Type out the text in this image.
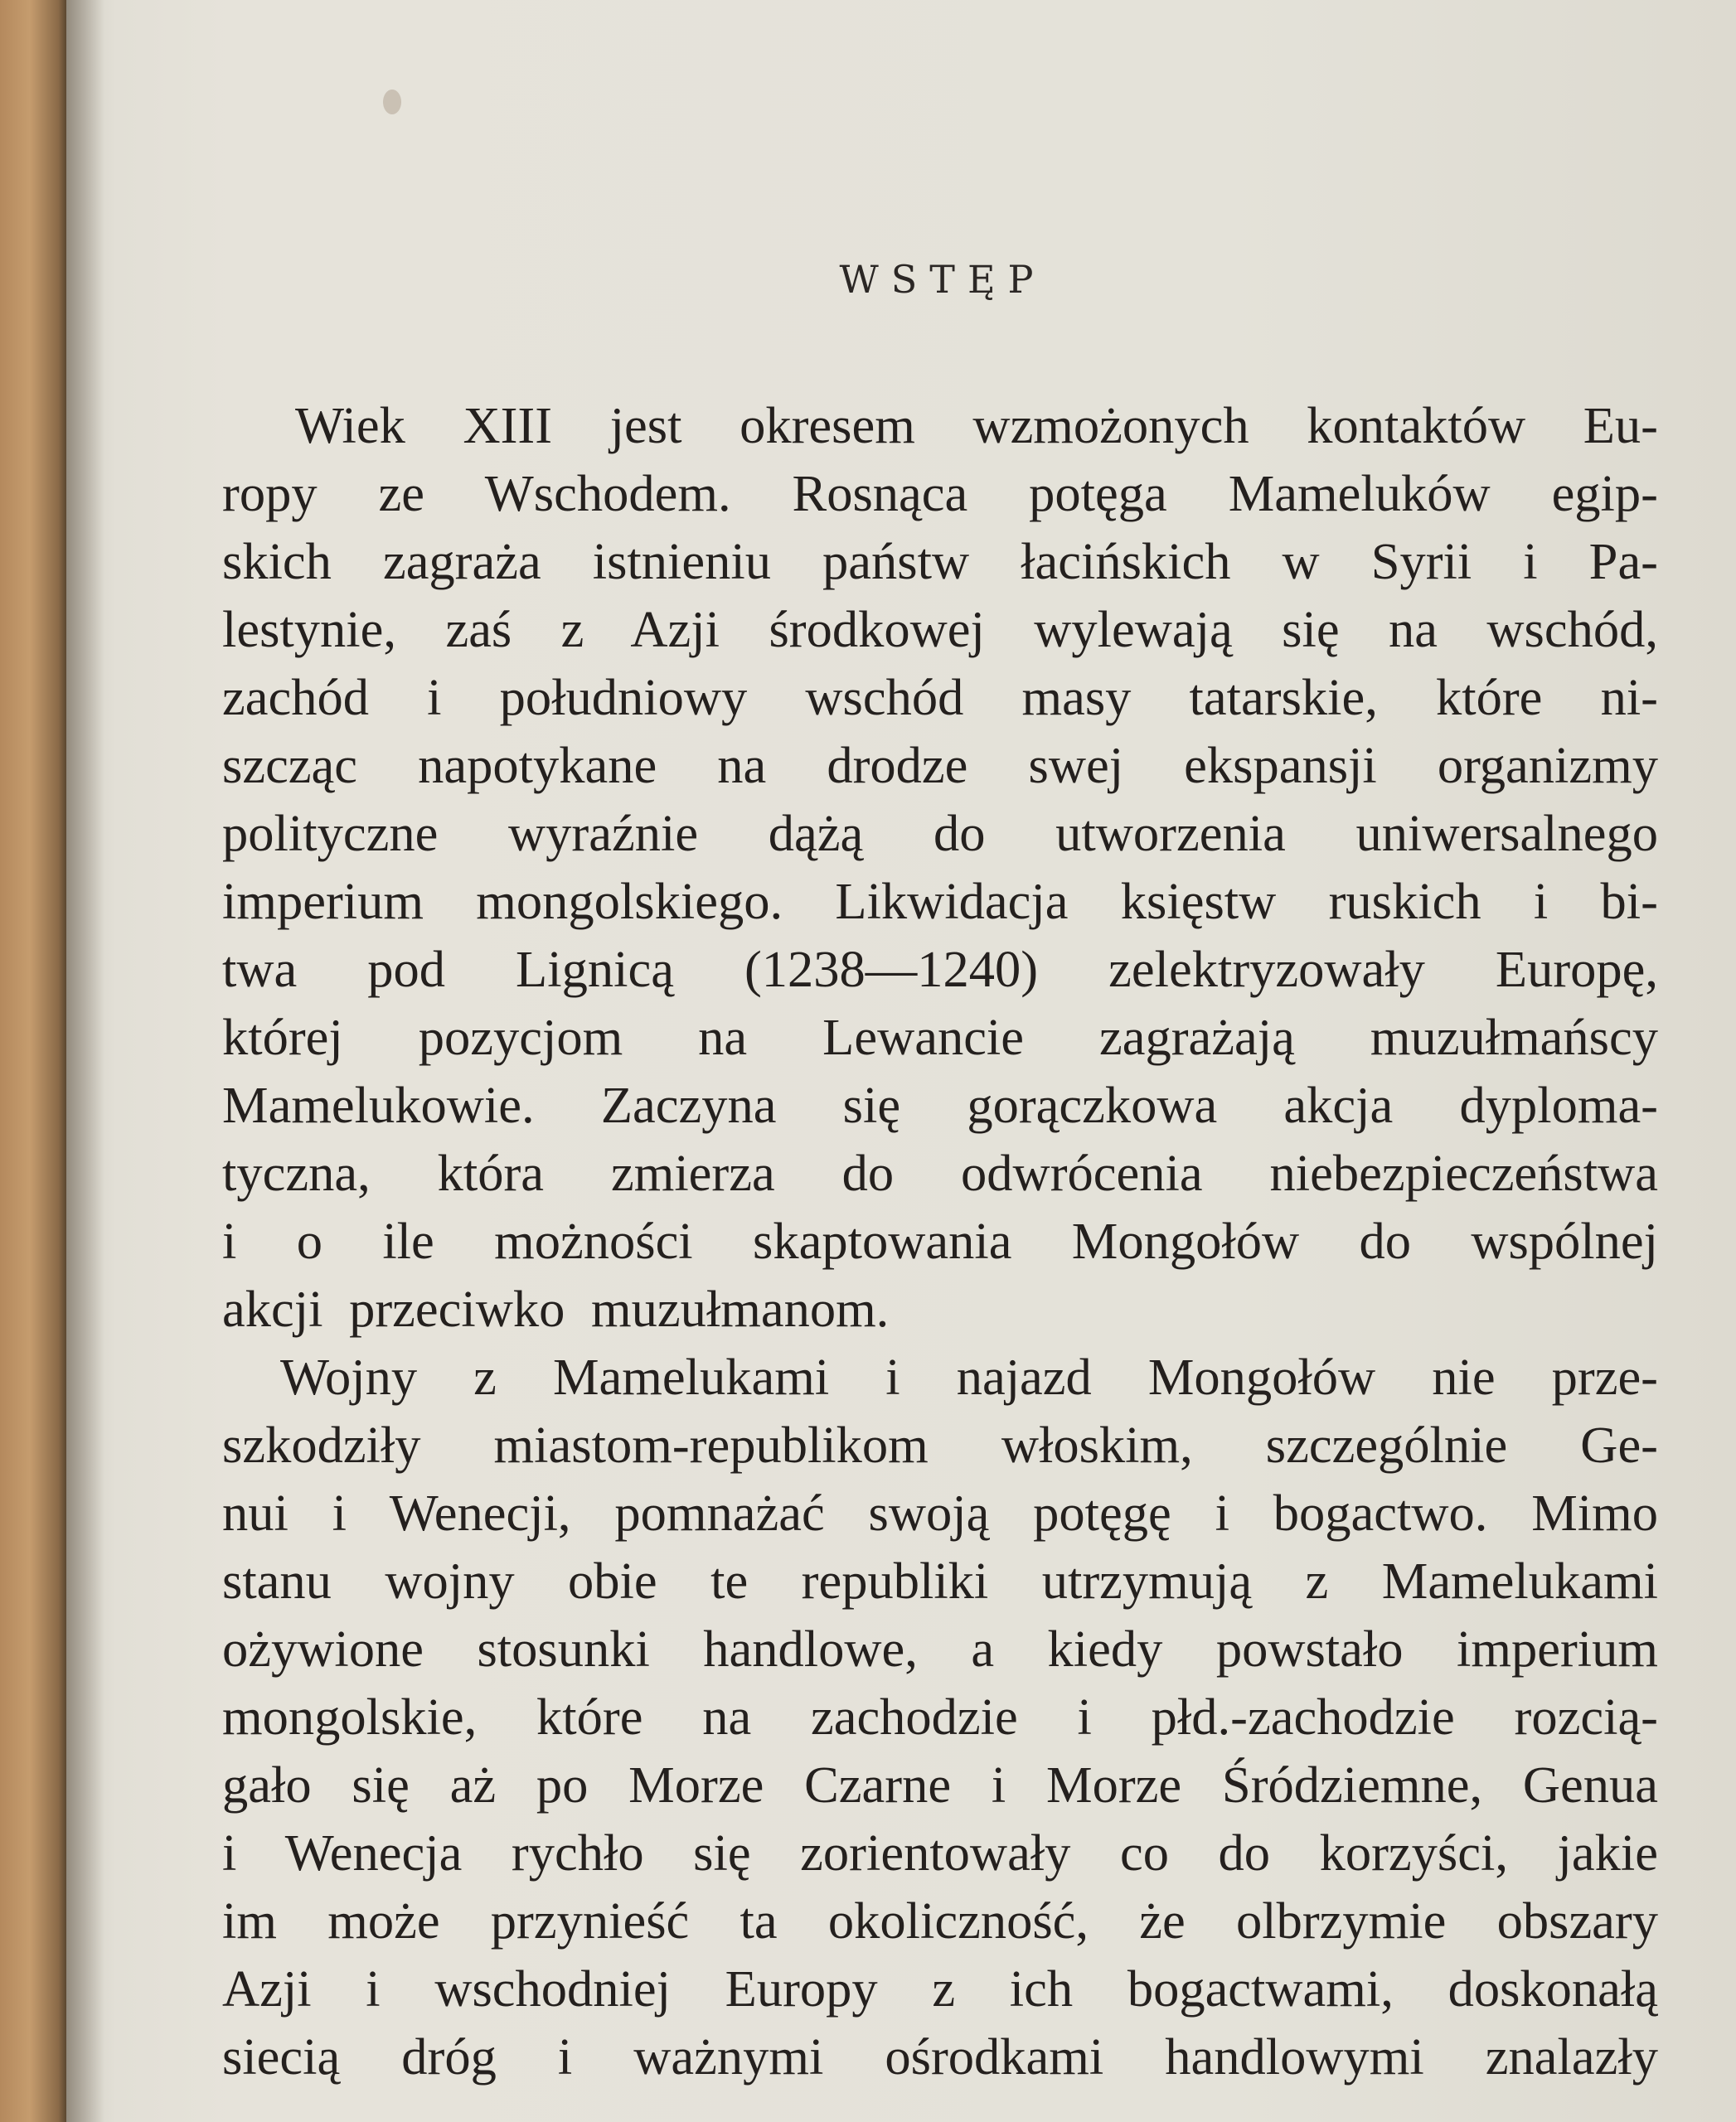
WSTĘP
Wiek XIII jest okresem wzmożonych kontaktów Eu-
ropy ze Wschodem. Rosnąca potęga Mameluków egip-
skich zagraża istnieniu państw łacińskich w Syrii i Pa-
lestynie, zaś z Azji środkowej wylewają się na wschód,
zachód i południowy wschód masy tatarskie, które ni-
szcząc napotykane na drodze swej ekspansji organizmy
polityczne wyraźnie dążą do utworzenia uniwersalnego
imperium mongolskiego. Likwidacja księstw ruskich i bi-
twa pod Lignicą (1238—1240) zelektryzowały Europę,
której pozycjom na Lewancie zagrażają muzułmańscy
Mamelukowie. Zaczyna się gorączkowa akcja dyploma-
tyczna, która zmierza do odwrócenia niebezpieczeństwa
i o ile możności skaptowania Mongołów do wspólnej
akcji przeciwko muzułmanom.
Wojny z Mamelukami i najazd Mongołów nie prze-
szkodziły miastom-republikom włoskim, szczególnie Ge-
nui i Wenecji, pomnażać swoją potęgę i bogactwo. Mimo
stanu wojny obie te republiki utrzymują z Mamelukami
ożywione stosunki handlowe, a kiedy powstało imperium
mongolskie, które na zachodzie i płd.-zachodzie rozcią-
gało się aż po Morze Czarne i Morze Śródziemne, Genua
i Wenecja rychło się zorientowały co do korzyści, jakie
im może przynieść ta okoliczność, że olbrzymie obszary
Azji i wschodniej Europy z ich bogactwami, doskonałą
siecią dróg i ważnymi ośrodkami handlowymi znalazły
